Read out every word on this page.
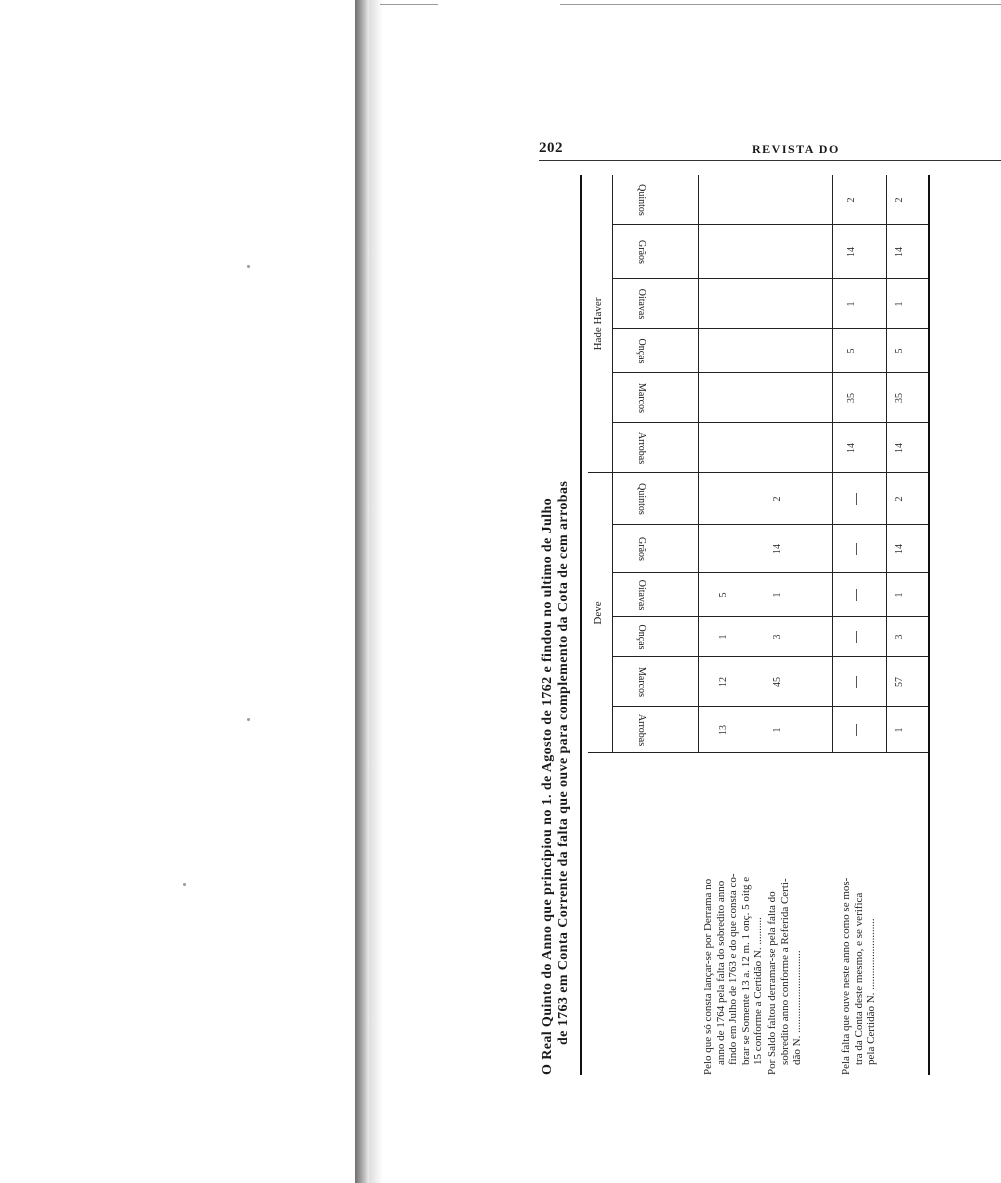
202	REVISTA DO
O Real Quinto do Anno que principiou no 1. de Agosto de 1762 e findou no ultimo de Julho de 1763 em Conta Corrente da falta que ouve para complemento da Cota de cem arrobas Deve
Hade Haver
Arrobas
Marcos
Onças
Oitavas
Grãos
Quintos
Arrobas
Marcos
Onças
Oitavas
Grãos
Quintos

Pelo que só consta lançar-se por Derrama no anno de 1764 pela falta do sobredito anno findo em Julho de 1763 e do que consta co- brar se Somente 13 a. 12 m. 1 onç. 5 oitg e 15 conforme a Certidão N. .......... Por Saldo faltou derramar-se pela falta do sobredito anno conforme a Referida Certi- dão N. ..............................	Pela falta que ouve neste anno como se mos- tra da Conta deste mesmo, e se verifica pela Certidão N. ..........................

13
12
1
5
1
45
3
1
14
2
14
35
5
1
14
2
1
57
3
1
14
2
14
35
5
1
14
2
